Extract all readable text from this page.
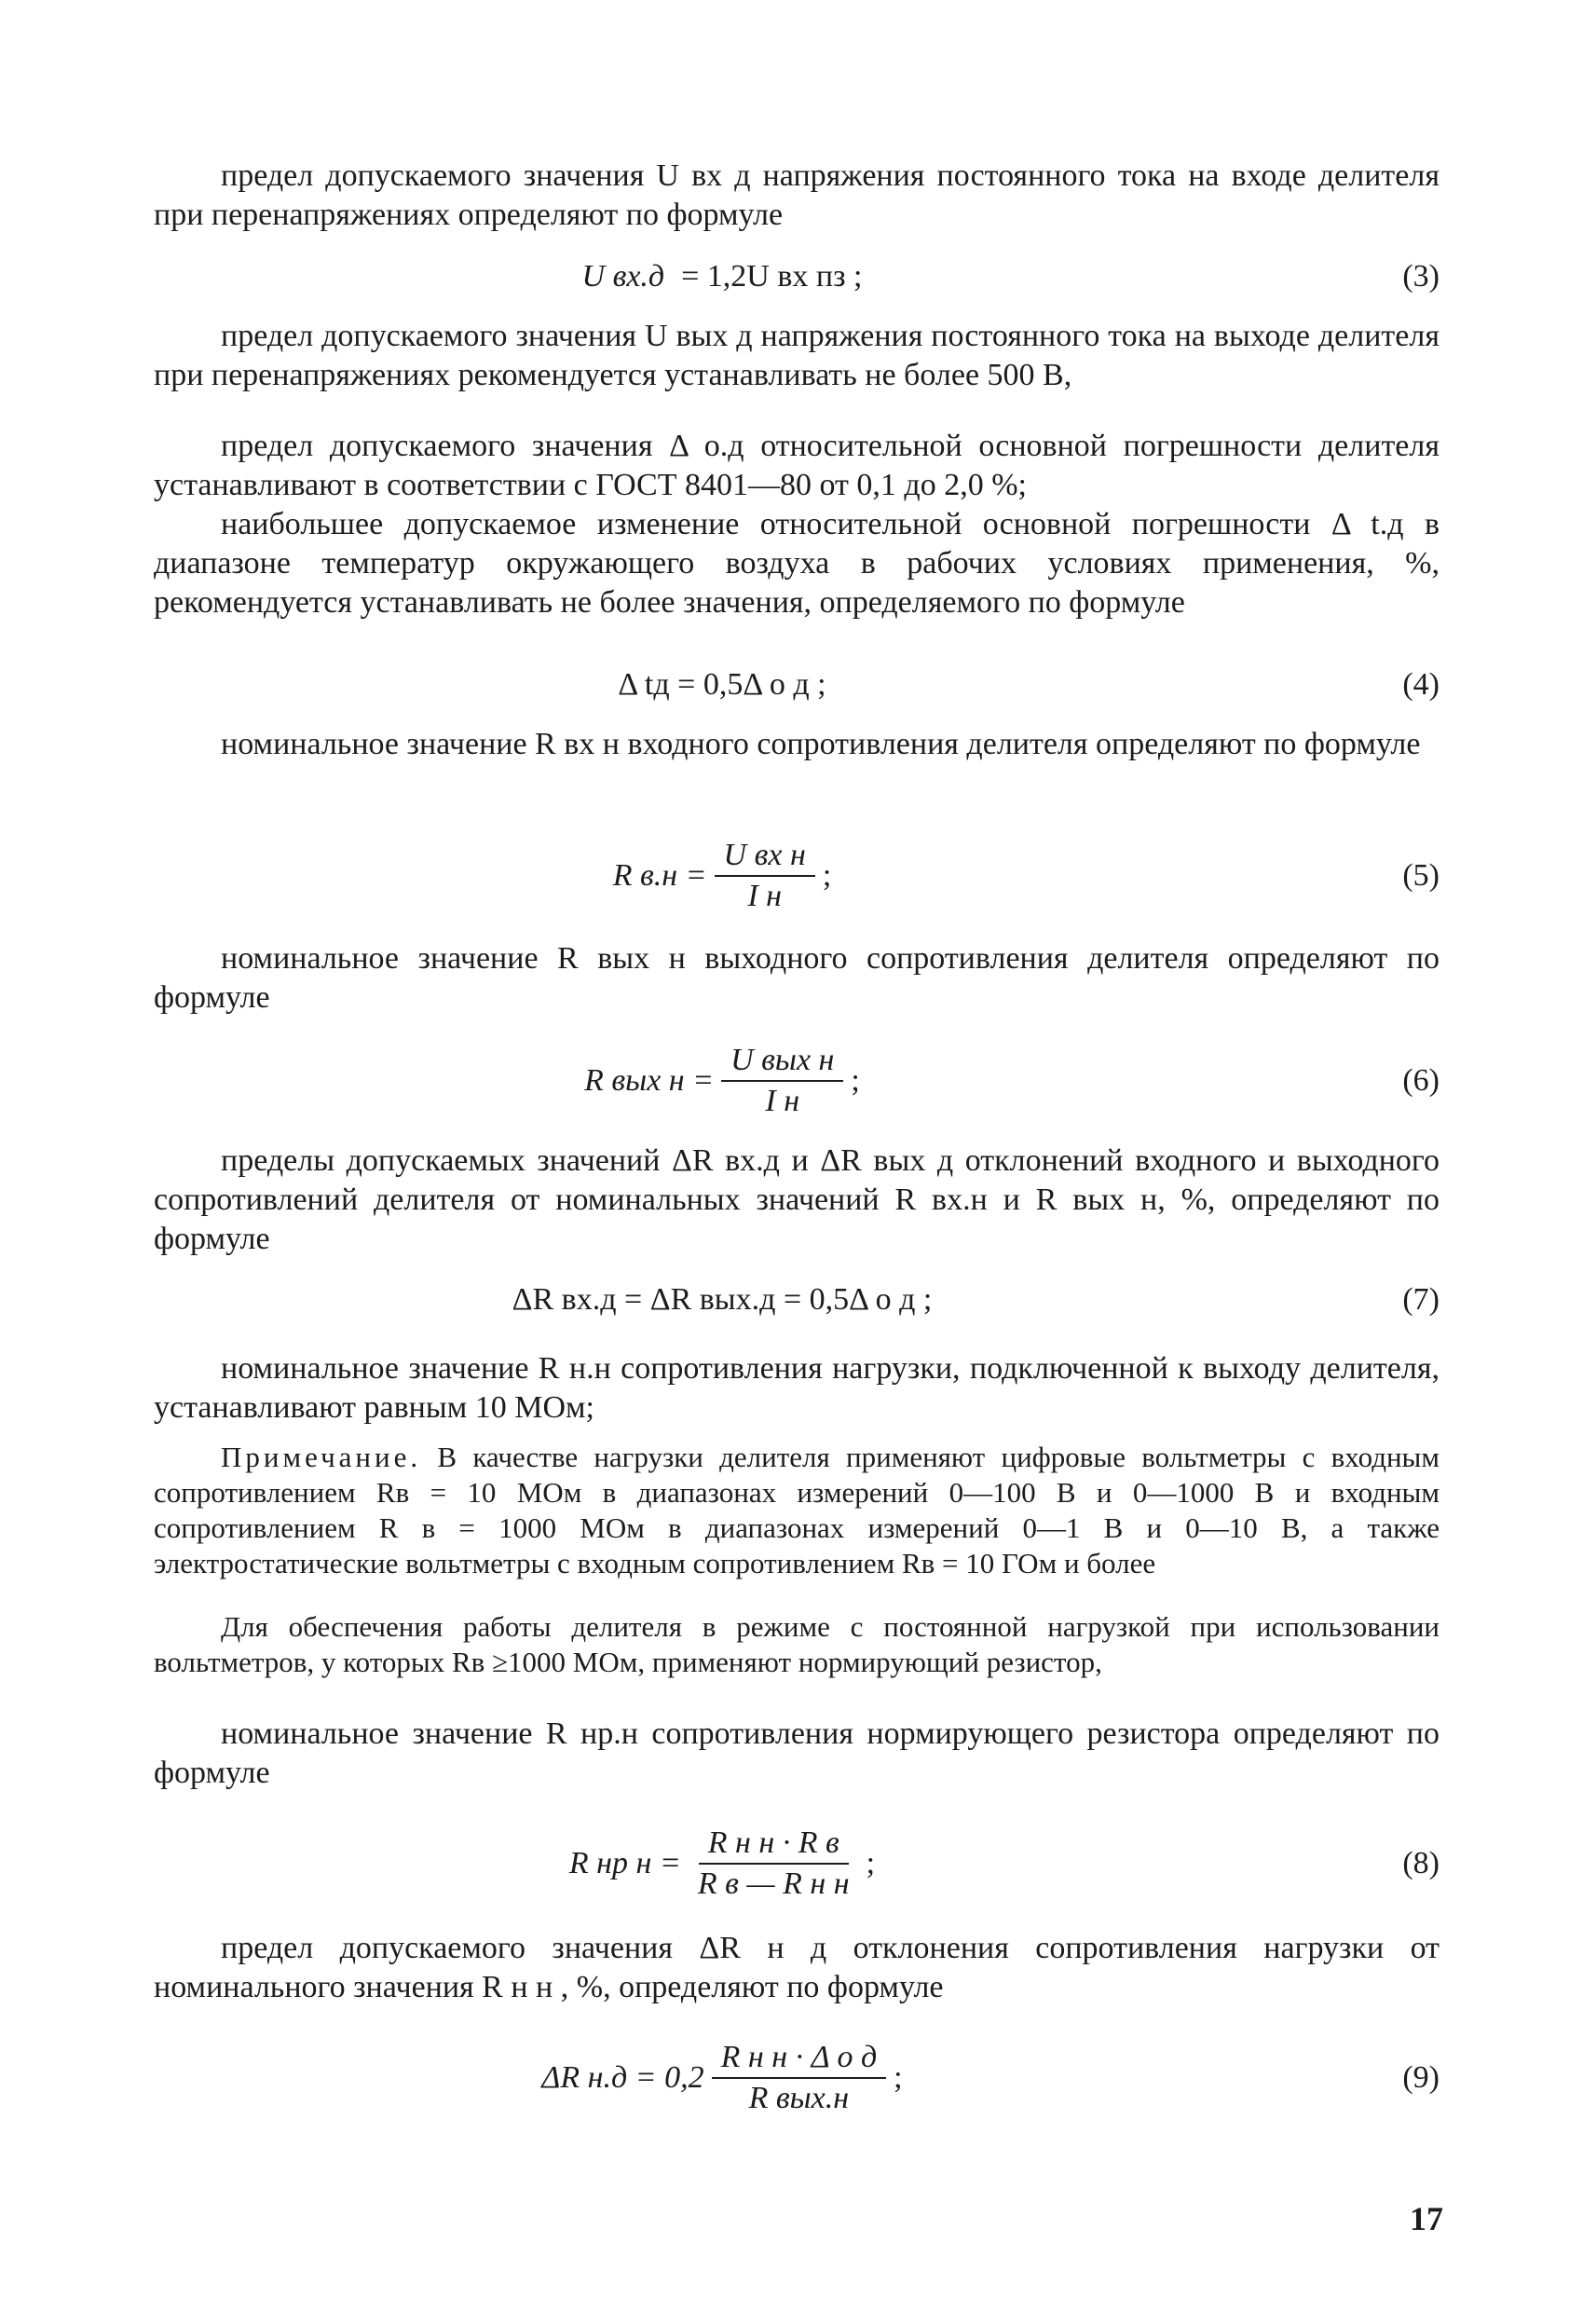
предел допускаемого значения U вх д напряжения постоянного тока на входе делителя при перенапряжениях определяют по формуле

U вх.д = 1,2U вх пз ;	(3)

предел допускаемого значения U вых д напряжения постоянного тока на выходе делителя при перенапряжениях рекомендуется устанавливать не более 500 В,

предел допускаемого значения Δ о.д относительной основной погрешности делителя устанавливают в соответствии с ГОСТ 8401—80 от 0,1 до 2,0 %;

наибольшее допускаемое изменение относительной основной погрешности Δ t.д в диапазоне температур окружающего воздуха в рабочих условиях применения, %, рекомендуется устанавливать не более значения, определяемого по формуле

Δ tд = 0,5Δ о д ;	(4)

номинальное значение R вх н входного сопротивления делителя определяют по формуле

R $в.н = \frac{\text{U вх н}}{\text{I н}}$ ;	(5)

номинальное значение R вых н выходного сопротивления делителя определяют по формуле

R вых $н = \frac{\text{U вых н}}{\text{I н}}$ ;	(6)

пределы допускаемых значений ΔR вх.д и ΔR вых д отклонений входного и выходного сопротивлений делителя от номинальных значений R вх.н и R вых н, %, определяют по формуле

ΔR вх.д = ΔR вых.д = 0,5Δ о д ;	(7)

номинальное значение R н.н сопротивления нагрузки, подключенной к выходу делителя, устанавливают равным 10 МОм;

Примечание. В качестве нагрузки делителя применяют цифровые вольтметры с входным сопротивлением Rв = 10 МОм в диапазонах измерений 0—100 В и 0—1000 В и входным сопротивлением R в = 1000 МОм в диапазонах измерений 0—1 В и 0—10 В, а также электростатические вольтметры с входным сопротивлением Rв = 10 ГОм и более

Для обеспечения работы делителя в режиме с постоянной нагрузкой при использовании вольтметров, у которых Rв ≥1000 МОм, применяют нормирующий резистор,

номинальное значение R нр.н сопротивления нормирующего резистора определяют по формуле

R нр $н = \frac{\text{R н н · R в}}{\text{R в — R н н}}$ ;	(8)

предел допускаемого значения ΔR н д отклонения сопротивления нагрузки от номинального значения R н н , %, определяют по формуле

ΔR $н.д = 0,2 \frac{\text{R н н · Δ о д}}{\text{R вых.н}}$ ;	(9)
17
